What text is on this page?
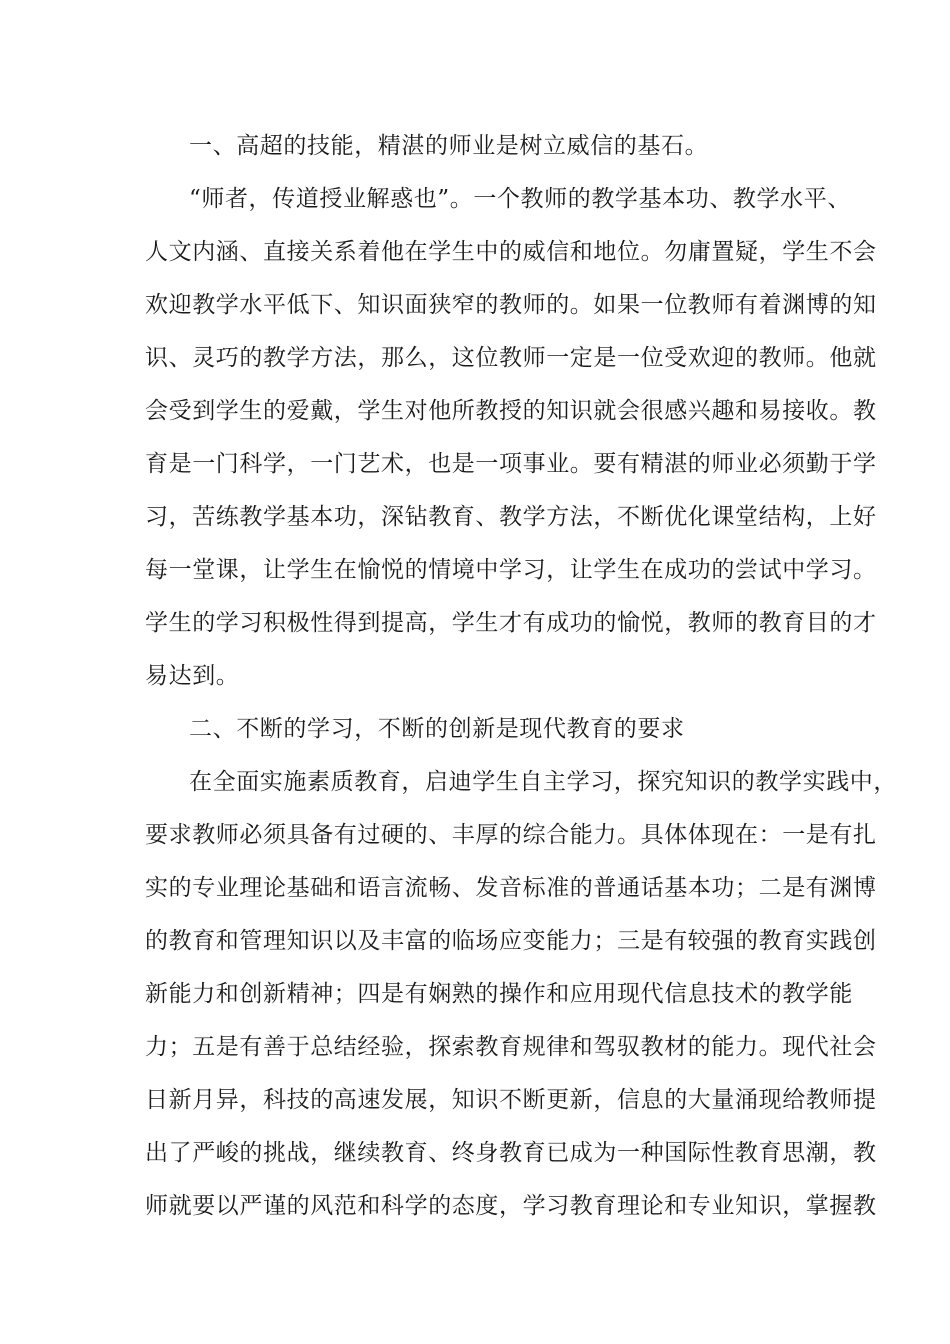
一、高超的技能，精湛的师业是树立威信的基石。
“师者，传道授业解惑也”。一个教师的教学基本功、教学水平、
人文内涵、直接关系着他在学生中的威信和地位。勿庸置疑，学生不会
欢迎教学水平低下、知识面狭窄的教师的。如果一位教师有着渊博的知
识、灵巧的教学方法，那么，这位教师一定是一位受欢迎的教师。他就
会受到学生的爱戴，学生对他所教授的知识就会很感兴趣和易接收。教
育是一门科学，一门艺术，也是一项事业。要有精湛的师业必须勤于学
习，苦练教学基本功，深钻教育、教学方法，不断优化课堂结构，上好
每一堂课，让学生在愉悦的情境中学习，让学生在成功的尝试中学习。
学生的学习积极性得到提高，学生才有成功的愉悦，教师的教育目的才
易达到。
二、不断的学习，不断的创新是现代教育的要求
在全面实施素质教育，启迪学生自主学习，探究知识的教学实践中，
要求教师必须具备有过硬的、丰厚的综合能力。具体体现在：一是有扎
实的专业理论基础和语言流畅、发音标准的普通话基本功；二是有渊博
的教育和管理知识以及丰富的临场应变能力；三是有较强的教育实践创
新能力和创新精神；四是有娴熟的操作和应用现代信息技术的教学能
力；五是有善于总结经验，探索教育规律和驾驭教材的能力。现代社会
日新月异，科技的高速发展，知识不断更新，信息的大量涌现给教师提
出了严峻的挑战，继续教育、终身教育已成为一种国际性教育思潮，教
师就要以严谨的风范和科学的态度，学习教育理论和专业知识，掌握教
